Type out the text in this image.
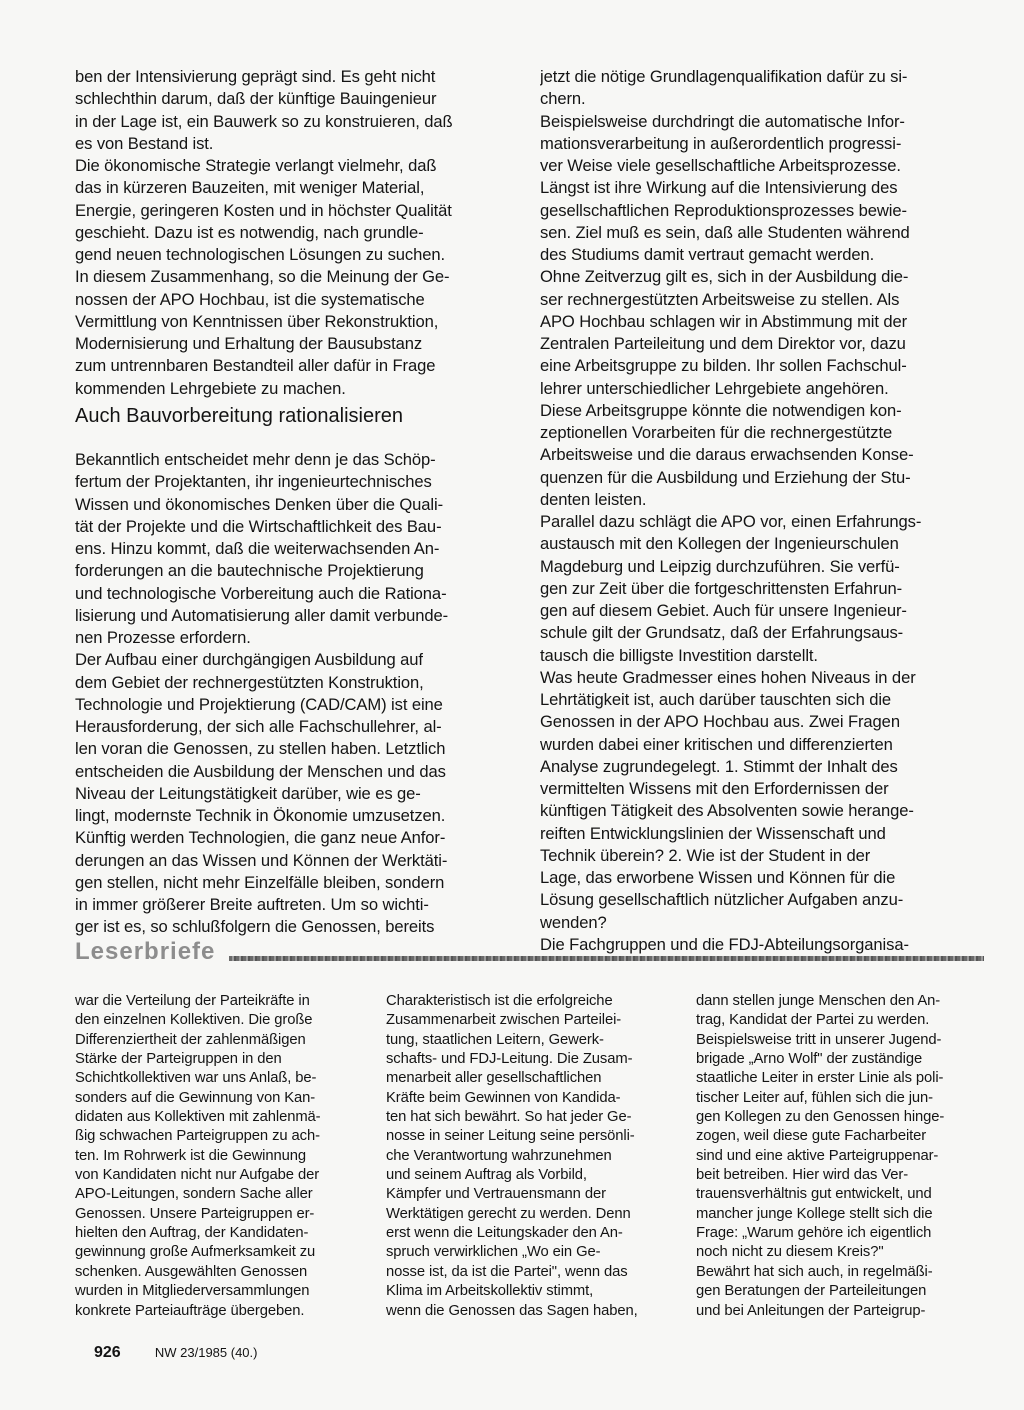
ben der Intensivierung geprägt sind. Es geht nicht
schlechthin darum, daß der künftige Bauingenieur
in der Lage ist, ein Bauwerk so zu konstruieren, daß
es von Bestand ist.
Die ökonomische Strategie verlangt vielmehr, daß
das in kürzeren Bauzeiten, mit weniger Material,
Energie, geringeren Kosten und in höchster Qualität
geschieht. Dazu ist es notwendig, nach grundle-
gend neuen technologischen Lösungen zu suchen.
In diesem Zusammenhang, so die Meinung der Ge-
nossen der APO Hochbau, ist die systematische
Vermittlung von Kenntnissen über Rekonstruktion,
Modernisierung und Erhaltung der Bausubstanz
zum untrennbaren Bestandteil aller dafür in Frage
kommenden Lehrgebiete zu machen.
Auch Bauvorbereitung rationalisieren
Bekanntlich entscheidet mehr denn je das Schöp-
fertum der Projektanten, ihr ingenieurtechnisches
Wissen und ökonomisches Denken über die Quali-
tät der Projekte und die Wirtschaftlichkeit des Bau-
ens. Hinzu kommt, daß die weiterwachsenden An-
forderungen an die bautechnische Projektierung
und technologische Vorbereitung auch die Rationa-
lisierung und Automatisierung aller damit verbunde-
nen Prozesse erfordern.
Der Aufbau einer durchgängigen Ausbildung auf
dem Gebiet der rechnergestützten Konstruktion,
Technologie und Projektierung (CAD/CAM) ist eine
Herausforderung, der sich alle Fachschullehrer, al-
len voran die Genossen, zu stellen haben. Letztlich
entscheiden die Ausbildung der Menschen und das
Niveau der Leitungstätigkeit darüber, wie es ge-
lingt, modernste Technik in Ökonomie umzusetzen.
Künftig werden Technologien, die ganz neue Anfor-
derungen an das Wissen und Können der Werktäti-
gen stellen, nicht mehr Einzelfälle bleiben, sondern
in immer größerer Breite auftreten. Um so wichti-
ger ist es, so schlußfolgern die Genossen, bereits
jetzt die nötige Grundlagenqualifikation dafür zu si-
chern.
Beispielsweise durchdringt die automatische Infor-
mationsverarbeitung in außerordentlich progressi-
ver Weise viele gesellschaftliche Arbeitsprozesse.
Längst ist ihre Wirkung auf die Intensivierung des
gesellschaftlichen Reproduktionsprozesses bewie-
sen. Ziel muß es sein, daß alle Studenten während
des Studiums damit vertraut gemacht werden.
Ohne Zeitverzug gilt es, sich in der Ausbildung die-
ser rechnergestützten Arbeitsweise zu stellen. Als
APO Hochbau schlagen wir in Abstimmung mit der
Zentralen Parteileitung und dem Direktor vor, dazu
eine Arbeitsgruppe zu bilden. Ihr sollen Fachschul-
lehrer unterschiedlicher Lehrgebiete angehören.
Diese Arbeitsgruppe könnte die notwendigen kon-
zeptionellen Vorarbeiten für die rechnergestützte
Arbeitsweise und die daraus erwachsenden Konse-
quenzen für die Ausbildung und Erziehung der Stu-
denten leisten.
Parallel dazu schlägt die APO vor, einen Erfahrungs-
austausch mit den Kollegen der Ingenieurschulen
Magdeburg und Leipzig durchzuführen. Sie verfü-
gen zur Zeit über die fortgeschrittensten Erfahrun-
gen auf diesem Gebiet. Auch für unsere Ingenieur-
schule gilt der Grundsatz, daß der Erfahrungsaus-
tausch die billigste Investition darstellt.
Was heute Gradmesser eines hohen Niveaus in der
Lehrtätigkeit ist, auch darüber tauschten sich die
Genossen in der APO Hochbau aus. Zwei Fragen
wurden dabei einer kritischen und differenzierten
Analyse zugrundegelegt. 1. Stimmt der Inhalt des
vermittelten Wissens mit den Erfordernissen der
künftigen Tätigkeit des Absolventen sowie herange-
reiften Entwicklungslinien der Wissenschaft und
Technik überein? 2. Wie ist der Student in der
Lage, das erworbene Wissen und Können für die
Lösung gesellschaftlich nützlicher Aufgaben anzu-
wenden?
Die Fachgruppen und die FDJ-Abteilungsorganisa-
Leserbriefe
war die Verteilung der Parteikräfte in
den einzelnen Kollektiven. Die große
Differenziertheit der zahlenmäßigen
Stärke der Parteigruppen in den
Schichtkollektiven war uns Anlaß, be-
sonders auf die Gewinnung von Kan-
didaten aus Kollektiven mit zahlenmä-
ßig schwachen Parteigruppen zu ach-
ten. Im Rohrwerk ist die Gewinnung
von Kandidaten nicht nur Aufgabe der
APO-Leitungen, sondern Sache aller
Genossen. Unsere Parteigruppen er-
hielten den Auftrag, der Kandidaten-
gewinnung große Aufmerksamkeit zu
schenken. Ausgewählten Genossen
wurden in Mitgliederversammlungen
konkrete Parteiaufträge übergeben.
Charakteristisch ist die erfolgreiche
Zusammenarbeit zwischen Parteilei-
tung, staatlichen Leitern, Gewerk-
schafts- und FDJ-Leitung. Die Zusam-
menarbeit aller gesellschaftlichen
Kräfte beim Gewinnen von Kandida-
ten hat sich bewährt. So hat jeder Ge-
nosse in seiner Leitung seine persönli-
che Verantwortung wahrzunehmen
und seinem Auftrag als Vorbild,
Kämpfer und Vertrauensmann der
Werktätigen gerecht zu werden. Denn
erst wenn die Leitungskader den An-
spruch verwirklichen „Wo ein Ge-
nosse ist, da ist die Partei", wenn das
Klima im Arbeitskollektiv stimmt,
wenn die Genossen das Sagen haben,
dann stellen junge Menschen den An-
trag, Kandidat der Partei zu werden.
Beispielsweise tritt in unserer Jugend-
brigade „Arno Wolf" der zuständige
staatliche Leiter in erster Linie als poli-
tischer Leiter auf, fühlen sich die jun-
gen Kollegen zu den Genossen hinge-
zogen, weil diese gute Facharbeiter
sind und eine aktive Parteigruppenar-
beit betreiben. Hier wird das Ver-
trauensverhältnis gut entwickelt, und
mancher junge Kollege stellt sich die
Frage: „Warum gehöre ich eigentlich
noch nicht zu diesem Kreis?"
Bewährt hat sich auch, in regelmäßi-
gen Beratungen der Parteileitungen
und bei Anleitungen der Parteigrup-
926	NW 23/1985 (40.)
